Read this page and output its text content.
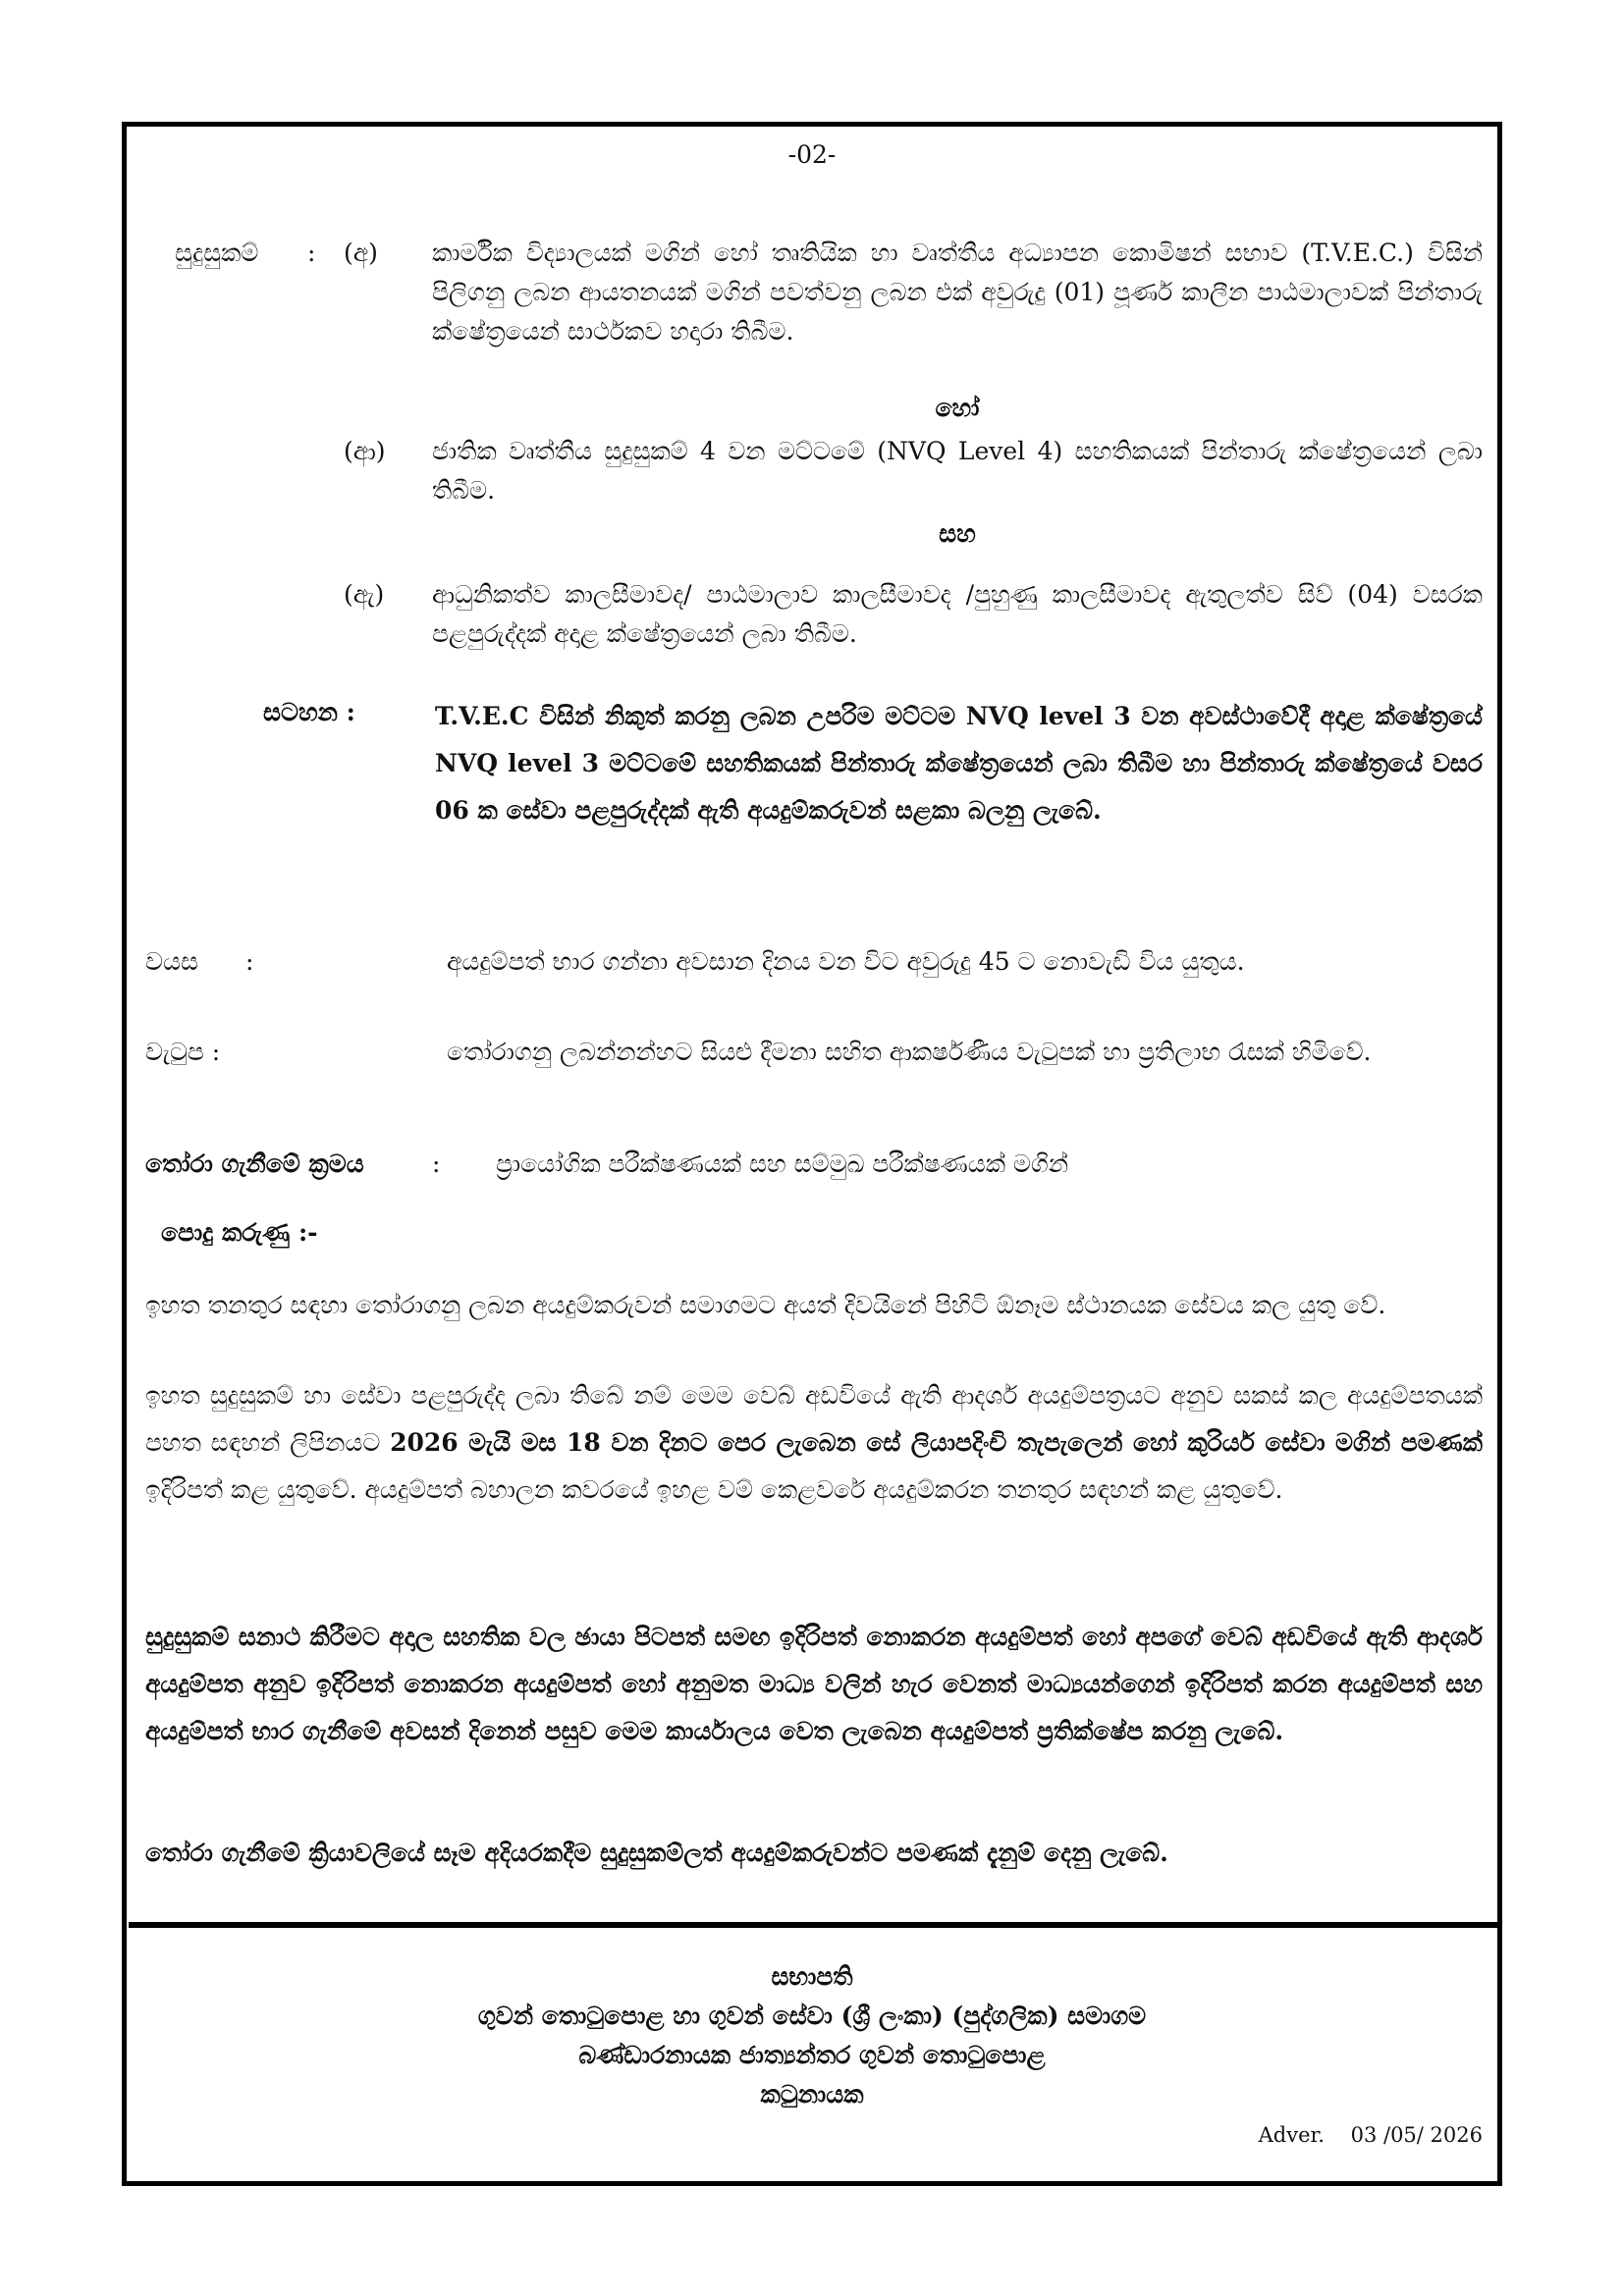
-02-
සුදුසුකම් : (අ) කාර්මික විද්‍යාලයක් මගින් හෝ තෘතියික හා වෘත්තීය අධ්‍යාපන කොමිෂන් සභාව (T.V.E.C.) විසින් පිලිගනු ලබන ආයතනයක් මගින් පවත්වනු ලබන එක් අවුරුදු (01) පූර්ණ කාලීන පාඨමාලාවක් පින්තාරු ක්ෂේත්‍රයෙන් සාර්ථකව හදාරා තිබීම.
හෝ
(ආ) ජාතික වෘත්තීය සුදුසුකම් 4 වන මට්ටමේ (NVQ Level 4) සහතිකයක් පින්තාරු ක්ෂේත්‍රයෙන් ලබා තිබීම.
සහ
(ඇ) ආධුනිකත්ව කාලසීමාවද/ පාඨමාලාව කාලසීමාවද /පුහුණු කාලසීමාවද ඇතුලත්ව සිව් (04) වසරක පළපුරුද්දක් අදාළ ක්ෂේත්‍රයෙන් ලබා තිබීම.
සටහන :	T.V.E.C විසින් නිකුත් කරනු ලබන උපරිම මට්ටම NVQ level 3 වන අවස්ථාවේදී අදාළ ක්ෂේත්‍රයේ NVQ level 3 මට්ටමේ සහතිකයක් පින්තාරු ක්ෂේත්‍රයෙන් ලබා තිබීම හා පින්තාරු ක්ෂේත්‍රයේ වසර 06 ක සේවා පළපුරුද්දක් ඇති අයදුම්කරුවන් සළකා බලනු ලැබේ.
වයස :	අයදුම්පත් භාර ගන්නා අවසාන දිනය වන විට අවුරුදු 45 ට නොවැඩි විය යුතුය.
වැටුප :	තෝරාගනු ලබන්නන්හට සියළු දීමනා සහිත ආකර්ෂණීය වැටුපක් හා ප්‍රතිලාභ රැසක් හිමිවේ.
තෝරා ගැනීමේ ක්‍රමය	: ප්‍රායෝගික පරීක්ෂණයක් සහ සම්මුඛ පරීක්ෂණයක් මගින්
පොදු කරුණු :-
ඉහත තනතුර සඳහා තෝරාගනු ලබන අයදුම්කරුවන් සමාගමට අයත් දිවයිනේ පිහිටි ඕනෑම ස්ථානයක සේවය කල යුතු වේ.
ඉහත සුදුසුකම් හා සේවා පළපුරුද්ද ලබා තිබේ නම් මෙම වෙබ් අඩවියේ ඇති ආදර්ශ අයදුම්පත්‍රයට අනුව සකස් කල අයදුම්පතයක් පහත සඳහන් ලිපිනයට 2026 මැයි මස 18 වන දිනට පෙර ලැබෙන සේ ලියාපදිංචි තැපැලෙන් හෝ කුරියර් සේවා මගින් පමණක් ඉදිරිපත් කළ යුතුවේ. අයදුම්පත් බහාලන කවරයේ ඉහළ වම් කෙළවරේ අයදුම්කරන තනතුර සඳහන් කළ යුතුවේ.
සුදුසුකම් සනාථ කිරීමට අදාල සහතික වල ඡායා පිටපත් සමඟ ඉදිරිපත් නොකරන අයදුම්පත් හෝ අපගේ වෙබ් අඩවියේ ඇති ආදර්ශ අයදුම්පත අනුව ඉදිරිපත් නොකරන අයදුම්පත් හෝ අනුමත මාධ්‍ය වලින් හැර වෙනත් මාධ්‍යයන්ගෙන් ඉදිරිපත් කරන අයදුම්පත් සහ අයදුම්පත් භාර ගැනීමේ අවසන් දිනෙන් පසුව මෙම කාර්යාලය වෙත ලැබෙන අයදුම්පත් ප්‍රතික්ෂේප කරනු ලැබේ.
තෝරා ගැනීමේ ක්‍රියාවලියේ සෑම අදියරකදීම සුදුසුකම්ලත් අයදුම්කරුවන්ට පමණක් දැනුම් දෙනු ලැබේ.
සභාපති
ගුවන් තොටුපොළ හා ගුවන් සේවා (ශ්‍රී ලංකා) (පුද්ගලික) සමාගම
බණ්ඩාරනායක ජාත්‍යන්තර ගුවන් තොටුපොළ
කටුනායක
Adver.    03 /05/ 2026
